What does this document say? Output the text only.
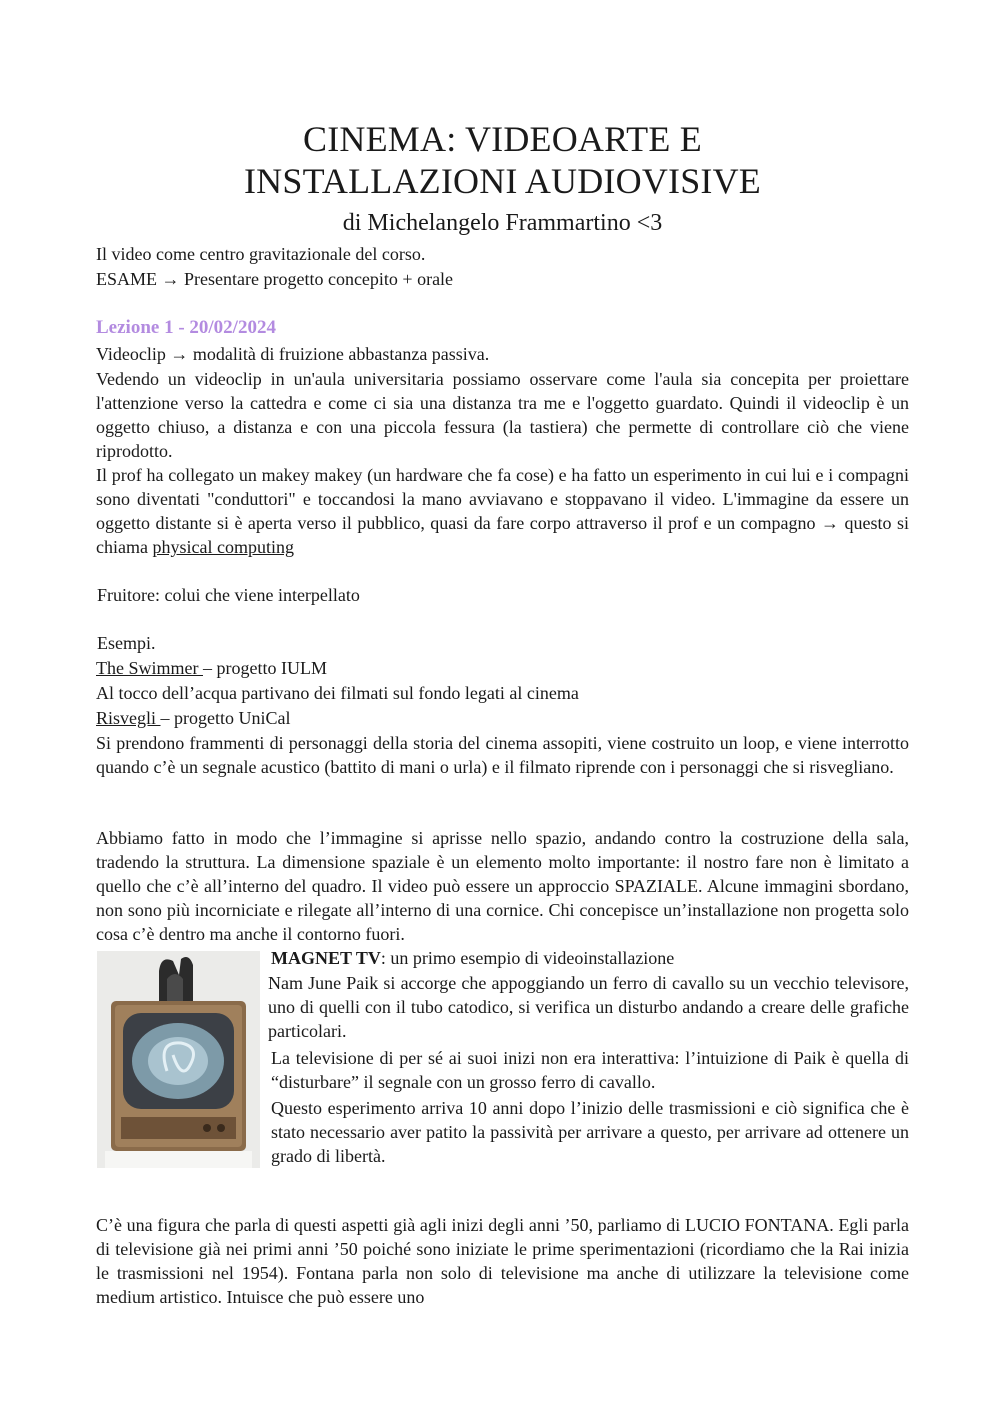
CINEMA: VIDEOARTE E
INSTALLAZIONI AUDIOVISIVE
di Michelangelo Frammartino <3
Il video come centro gravitazionale del corso.
ESAME → Presentare progetto concepito + orale
Lezione 1 - 20/02/2024
Videoclip → modalità di fruizione abbastanza passiva.
Vedendo un videoclip in un'aula universitaria possiamo osservare come l'aula sia concepita per proiettare l'attenzione verso la cattedra e come ci sia una distanza tra me e l'oggetto guardato. Quindi il videoclip è un oggetto chiuso, a distanza e con una piccola fessura (la tastiera) che permette di controllare ciò che viene riprodotto.
Il prof ha collegato un makey makey (un hardware che fa cose) e ha fatto un esperimento in cui lui e i compagni sono diventati "conduttori" e toccandosi la mano avviavano e stoppavano il video. L'immagine da essere un oggetto distante si è aperta verso il pubblico, quasi da fare corpo attraverso il prof e un compagno → questo si chiama physical computing
Fruitore: colui che viene interpellato
Esempi.
The Swimmer – progetto IULM
Al tocco dell’acqua partivano dei filmati sul fondo legati al cinema
Risvegli – progetto UniCal
Si prendono frammenti di personaggi della storia del cinema assopiti, viene costruito un loop, e viene interrotto quando c’è un segnale acustico (battito di mani o urla) e il filmato riprende con i personaggi che si risvegliano.
Abbiamo fatto in modo che l’immagine si aprisse nello spazio, andando contro la costruzione della sala, tradendo la struttura. La dimensione spaziale è un elemento molto importante: il nostro fare non è limitato a quello che c’è all’interno del quadro. Il video può essere un approccio SPAZIALE. Alcune immagini sbordano, non sono più incorniciate e rilegate all’interno di una cornice. Chi concepisce un’installazione non progetta solo cosa c’è dentro ma anche il contorno fuori.
MAGNET TV: un primo esempio di videoinstallazione
Nam June Paik si accorge che appoggiando un ferro di cavallo su un vecchio televisore, uno di quelli con il tubo catodico, si verifica un disturbo andando a creare delle grafiche particolari.
La televisione di per sé ai suoi inizi non era interattiva: l’intuizione di Paik è quella di “disturbare” il segnale con un grosso ferro di cavallo.
Questo esperimento arriva 10 anni dopo l’inizio delle trasmissioni e ciò significa che è stato necessario aver patito la passività per arrivare a questo, per arrivare ad ottenere un grado di libertà.
C’è una figura che parla di questi aspetti già agli inizi degli anni ’50, parliamo di LUCIO FONTANA. Egli parla di televisione già nei primi anni ’50 poiché sono iniziate le prime sperimentazioni (ricordiamo che la Rai inizia le trasmissioni nel 1954). Fontana parla non solo di televisione ma anche di utilizzare la televisione come medium artistico. Intuisce che può essere uno
